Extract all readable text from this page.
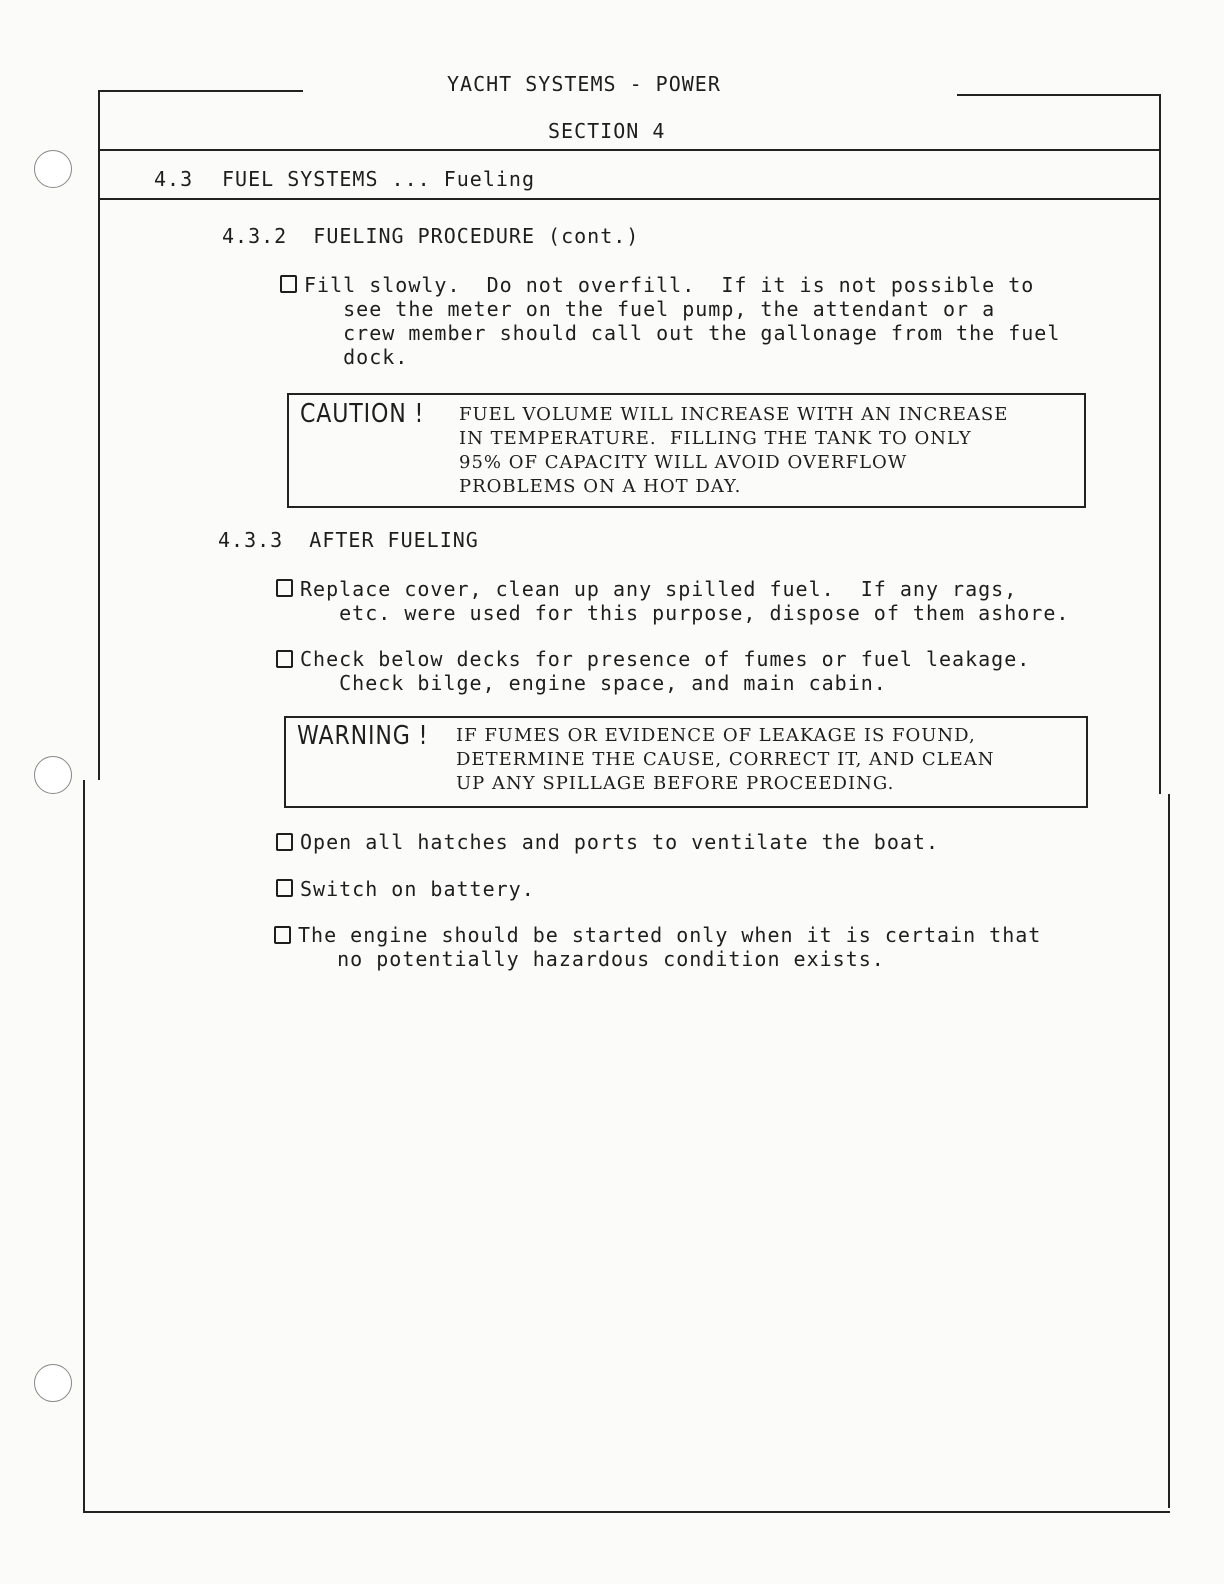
YACHT SYSTEMS - POWER
SECTION 4
4.3 FUEL SYSTEMS ... Fueling
4.3.2  FUELING PROCEDURE (cont.)
Fill slowly.  Do not overfill.  If it is not possible to
see the meter on the fuel pump, the attendant or a
crew member should call out the gallonage from the fuel
dock.
CAUTION ! FUEL VOLUME WILL INCREASE WITH AN INCREASE
IN TEMPERATURE.  FILLING THE TANK TO ONLY
95% OF CAPACITY WILL AVOID OVERFLOW
PROBLEMS ON A HOT DAY.
4.3.3  AFTER FUELING
Replace cover, clean up any spilled fuel.  If any rags,
etc. were used for this purpose, dispose of them ashore.
Check below decks for presence of fumes or fuel leakage.
Check bilge, engine space, and main cabin.
WARNING ! IF FUMES OR EVIDENCE OF LEAKAGE IS FOUND,
DETERMINE THE CAUSE, CORRECT IT, AND CLEAN
UP ANY SPILLAGE BEFORE PROCEEDING.
Open all hatches and ports to ventilate the boat.
Switch on battery.
The engine should be started only when it is certain that
no potentially hazardous condition exists.
